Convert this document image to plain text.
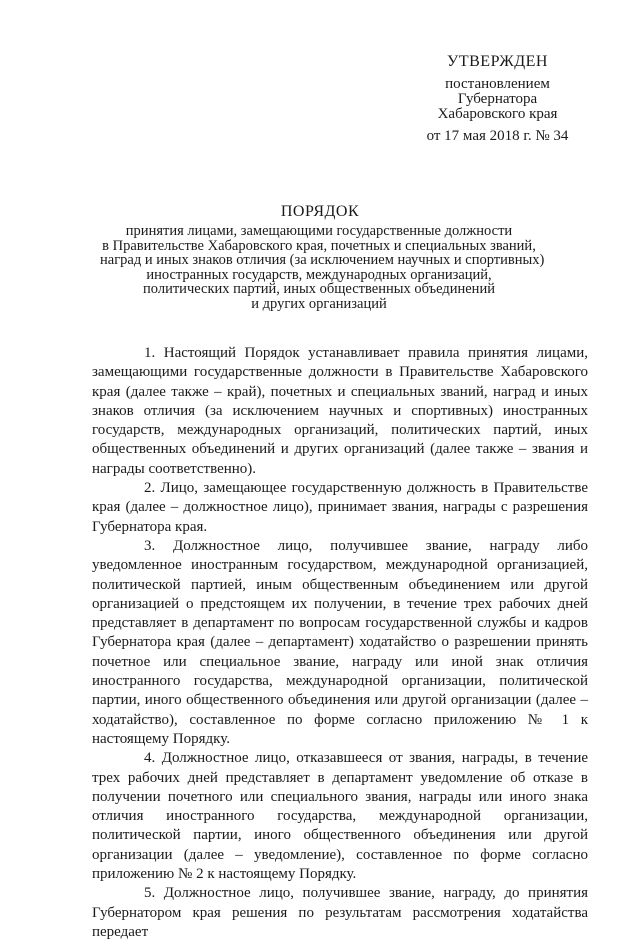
УТВЕРЖДЕН
постановлением
Губернатора
Хабаровского края
от 17 мая 2018 г. № 34
ПОРЯДОК
принятия лицами, замещающими государственные должности
в Правительстве Хабаровского края, почетных и специальных званий,
наград и иных знаков отличия (за исключением научных и спортивных)
иностранных государств, международных организаций,
политических партий, иных общественных объединений
и других организаций

1. Настоящий Порядок устанавливает правила принятия лицами, замещающими государственные должности в Правительстве Хабаровского края (далее также – край), почетных и специальных званий, наград и иных знаков отличия (за исключением научных и спортивных) иностранных государств, международных организаций, политических партий, иных общественных объединений и других организаций (далее также – звания и награды соответственно).

2. Лицо, замещающее государственную должность в Правительстве края (далее – должностное лицо), принимает звания, награды с разрешения Губернатора края.

3. Должностное лицо, получившее звание, награду либо уведомленное иностранным государством, международной организацией, политической партией, иным общественным объединением или другой организацией о предстоящем их получении, в течение трех рабочих дней представляет в департамент по вопросам государственной службы и кадров Губернатора края (далее – департамент) ходатайство о разрешении принять почетное или специальное звание, награду или иной знак отличия иностранного государства, международной организации, политической партии, иного общественного объединения или другой организации (далее – ходатайство), составленное по форме согласно приложению № 1 к настоящему Порядку.

4. Должностное лицо, отказавшееся от звания, награды, в течение трех рабочих дней представляет в департамент уведомление об отказе в получении почетного или специального звания, награды или иного знака отличия иностранного государства, международной организации, политической партии, иного общественного объединения или другой организации (далее – уведомление), составленное по форме согласно приложению № 2 к настоящему Порядку.

5. Должностное лицо, получившее звание, награду, до принятия Губернатором края решения по результатам рассмотрения ходатайства передает
